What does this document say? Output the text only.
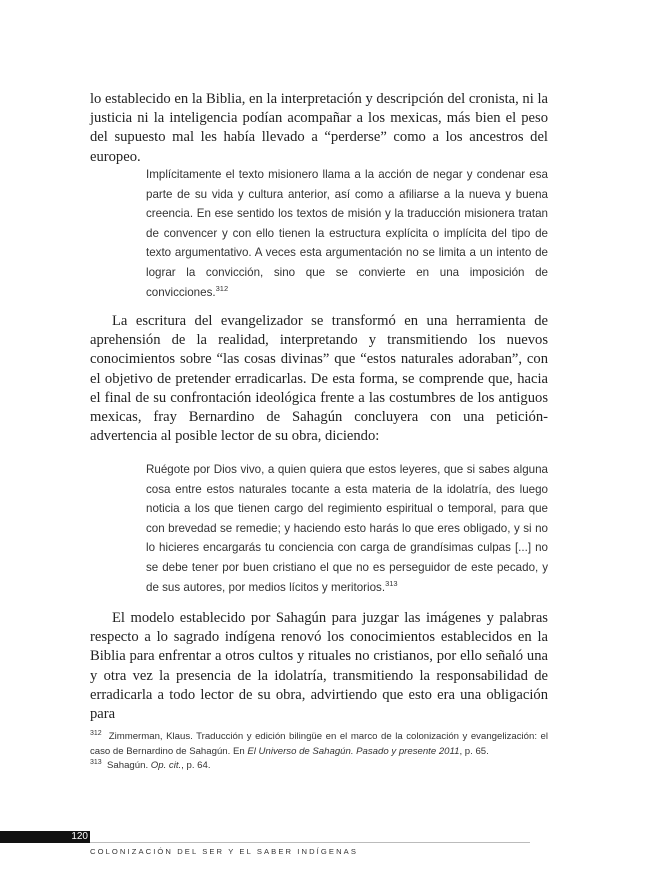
lo establecido en la Biblia, en la interpretación y descripción del cronista, ni la justicia ni la inteligencia podían acompañar a los mexicas, más bien el peso del supuesto mal les había llevado a “perderse” como a los ancestros del europeo.

Implícitamente el texto misionero llama a la acción de negar y condenar esa parte de su vida y cultura anterior, así como a afiliarse a la nueva y buena creencia. En ese sentido los textos de misión y la traducción misionera tratan de convencer y con ello tienen la estructura explícita o implícita del tipo de texto argumentativo. A veces esta argumentación no se limita a un intento de lograr la convicción, sino que se convierte en una imposición de convicciones.$^{312}$

La escritura del evangelizador se transformó en una herramienta de aprehensión de la realidad, interpretando y transmitiendo los nuevos conocimientos sobre “las cosas divinas” que “estos naturales adoraban”, con el objetivo de pretender erradicarlas. De esta forma, se comprende que, hacia el final de su confrontación ideológica frente a las costumbres de los antiguos mexicas, fray Bernardino de Sahagún concluyera con una petición-advertencia al posible lector de su obra, diciendo:

Ruégote por Dios vivo, a quien quiera que estos leyeres, que si sabes alguna cosa entre estos naturales tocante a esta materia de la idolatría, des luego noticia a los que tienen cargo del regimiento espiritual o temporal, para que con brevedad se remedie; y haciendo esto harás lo que eres obligado, y si no lo hicieres encargarás tu conciencia con carga de grandísimas culpas [...] no se debe tener por buen cristiano el que no es perseguidor de este pecado, y de sus autores, por medios lícitos y meritorios.$^{313}$

El modelo establecido por Sahagún para juzgar las imágenes y palabras respecto a lo sagrado indígena renovó los conocimientos establecidos en la Biblia para enfrentar a otros cultos y rituales no cristianos, por ello señaló una y otra vez la presencia de la idolatría, transmitiendo la responsabilidad de erradicarla a todo lector de su obra, advirtiendo que esto era una obligación para

$^{312}$ Zimmerman, Klaus. Traducción y edición bilingüe en el marco de la colonización y evangelización: el caso de Bernardino de Sahagún. En El Universo de Sahagún. Pasado y presente 2011, p. 65.

$^{313}$ Sahagún. Op. cit., p. 64.

120
COLONIZACIÓN DEL SER Y EL SABER INDÍGENAS
